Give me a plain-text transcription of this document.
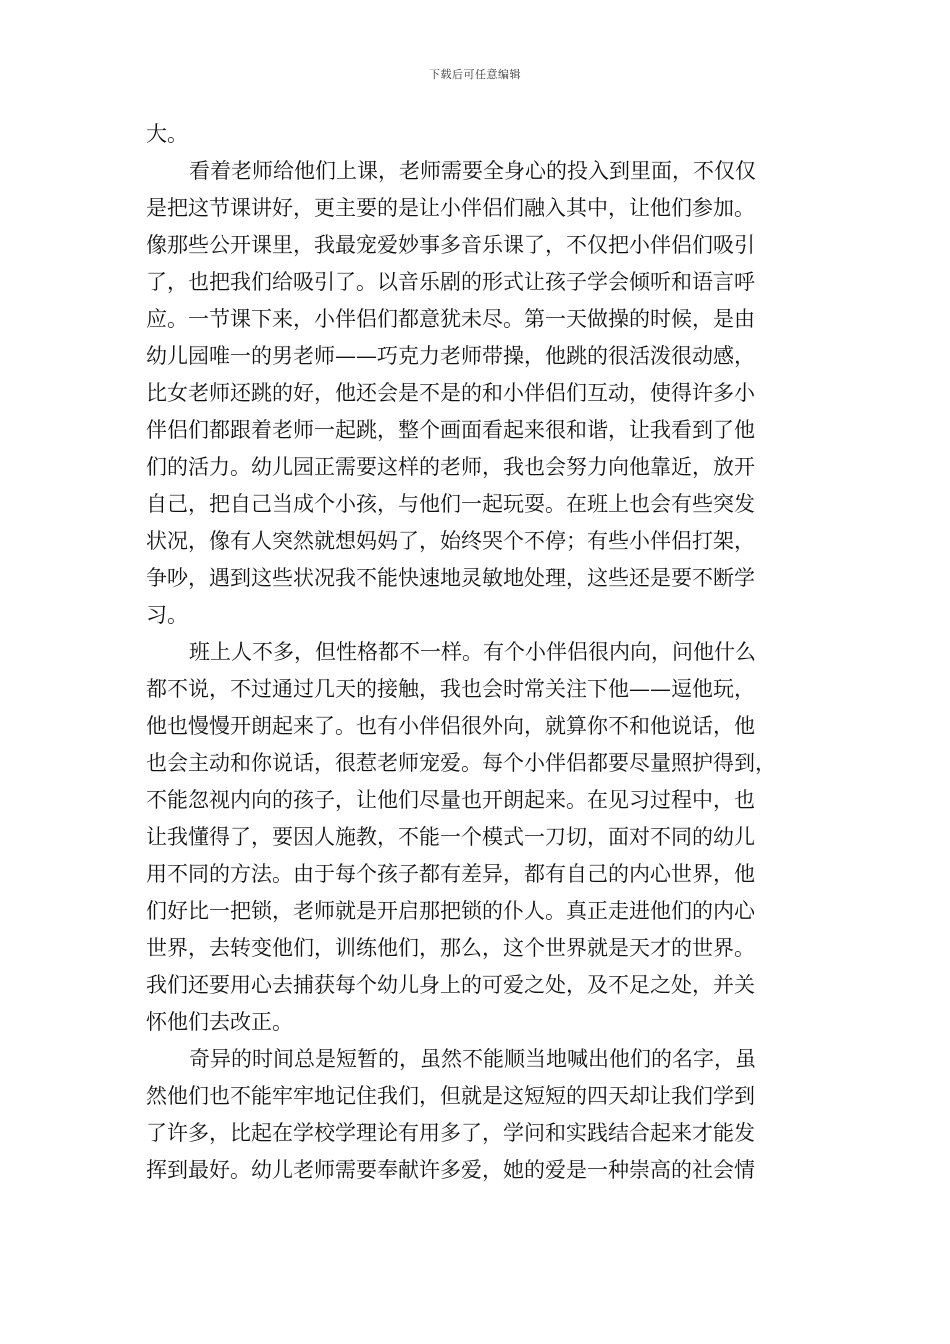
下载后可任意编辑
大。
看着老师给他们上课，老师需要全身心的投入到里面，不仅仅
是把这节课讲好，更主要的是让小伴侣们融入其中，让他们参加。
像那些公开课里，我最宠爱妙事多音乐课了，不仅把小伴侣们吸引
了，也把我们给吸引了。以音乐剧的形式让孩子学会倾听和语言呼
应。一节课下来，小伴侣们都意犹未尽。第一天做操的时候，是由
幼儿园唯一的男老师——巧克力老师带操，他跳的很活泼很动感，
比女老师还跳的好，他还会是不是的和小伴侣们互动，使得许多小
伴侣们都跟着老师一起跳，整个画面看起来很和谐，让我看到了他
们的活力。幼儿园正需要这样的老师，我也会努力向他靠近，放开
自己，把自己当成个小孩，与他们一起玩耍。在班上也会有些突发
状况，像有人突然就想妈妈了，始终哭个不停；有些小伴侣打架，
争吵，遇到这些状况我不能快速地灵敏地处理，这些还是要不断学
习。
班上人不多，但性格都不一样。有个小伴侣很内向，问他什么
都不说，不过通过几天的接触，我也会时常关注下他——逗他玩，
他也慢慢开朗起来了。也有小伴侣很外向，就算你不和他说话，他
也会主动和你说话，很惹老师宠爱。每个小伴侣都要尽量照护得到，
不能忽视内向的孩子，让他们尽量也开朗起来。在见习过程中，也
让我懂得了，要因人施教，不能一个模式一刀切，面对不同的幼儿
用不同的方法。由于每个孩子都有差异，都有自己的内心世界，他
们好比一把锁，老师就是开启那把锁的仆人。真正走进他们的内心
世界，去转变他们，训练他们，那么，这个世界就是天才的世界。
我们还要用心去捕获每个幼儿身上的可爱之处，及不足之处，并关
怀他们去改正。
奇异的时间总是短暂的，虽然不能顺当地喊出他们的名字，虽
然他们也不能牢牢地记住我们，但就是这短短的四天却让我们学到
了许多，比起在学校学理论有用多了，学问和实践结合起来才能发
挥到最好。幼儿老师需要奉献许多爱，她的爱是一种崇高的社会情
